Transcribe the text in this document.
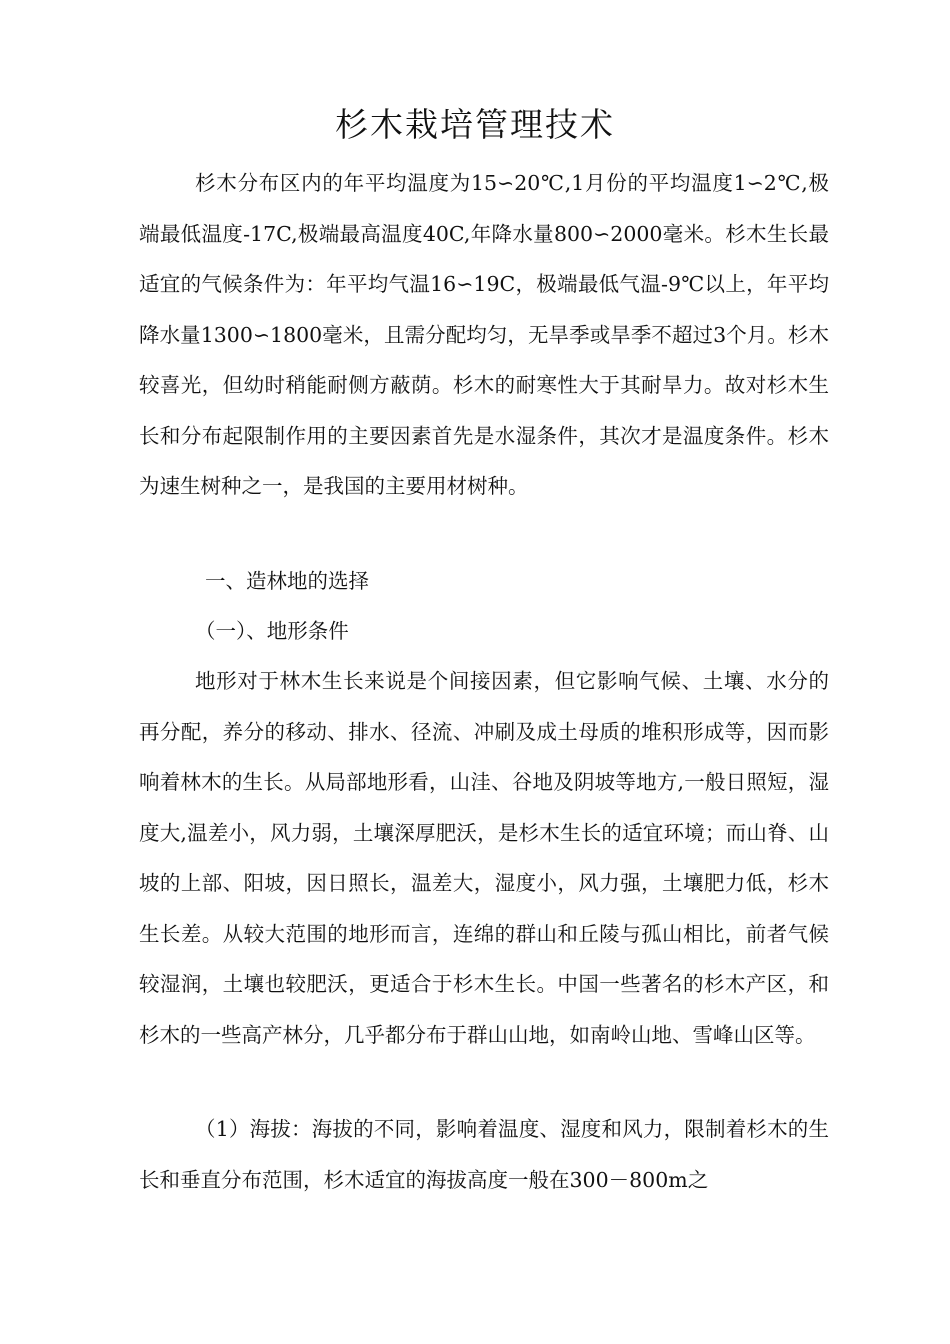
杉木栽培管理技术

杉木分布区内的年平均温度为15∽20℃,1月份的平均温度1∽2℃,极端最低温度-17C,极端最高温度40C,年降水量800∽2000毫米。杉木生长最适宜的气候条件为：年平均气温16∽19C，极端最低气温-9℃以上，年平均降水量1300∽1800毫米，且需分配均匀，无旱季或旱季不超过3个月。杉木较喜光，但幼时稍能耐侧方蔽荫。杉木的耐寒性大于其耐旱力。故对杉木生长和分布起限制作用的主要因素首先是水湿条件，其次才是温度条件。杉木为速生树种之一，是我国的主要用材树种。

一、造林地的选择

（一）、地形条件

地形对于林木生长来说是个间接因素，但它影响气候、土壤、水分的再分配，养分的移动、排水、径流、冲刷及成土母质的堆积形成等，因而影响着林木的生长。从局部地形看，山洼、谷地及阴坡等地方,一般日照短，湿度大,温差小，风力弱，土壤深厚肥沃，是杉木生长的适宜环境；而山脊、山坡的上部、阳坡，因日照长，温差大，湿度小，风力强，土壤肥力低，杉木生长差。从较大范围的地形而言，连绵的群山和丘陵与孤山相比，前者气候较湿润，土壤也较肥沃，更适合于杉木生长。中国一些著名的杉木产区，和杉木的一些高产林分，几乎都分布于群山山地，如南岭山地、雪峰山区等。

（1）海拔：海拔的不同，影响着温度、湿度和风力，限制着杉木的生长和垂直分布范围，杉木适宜的海拔高度一般在300－800m之
